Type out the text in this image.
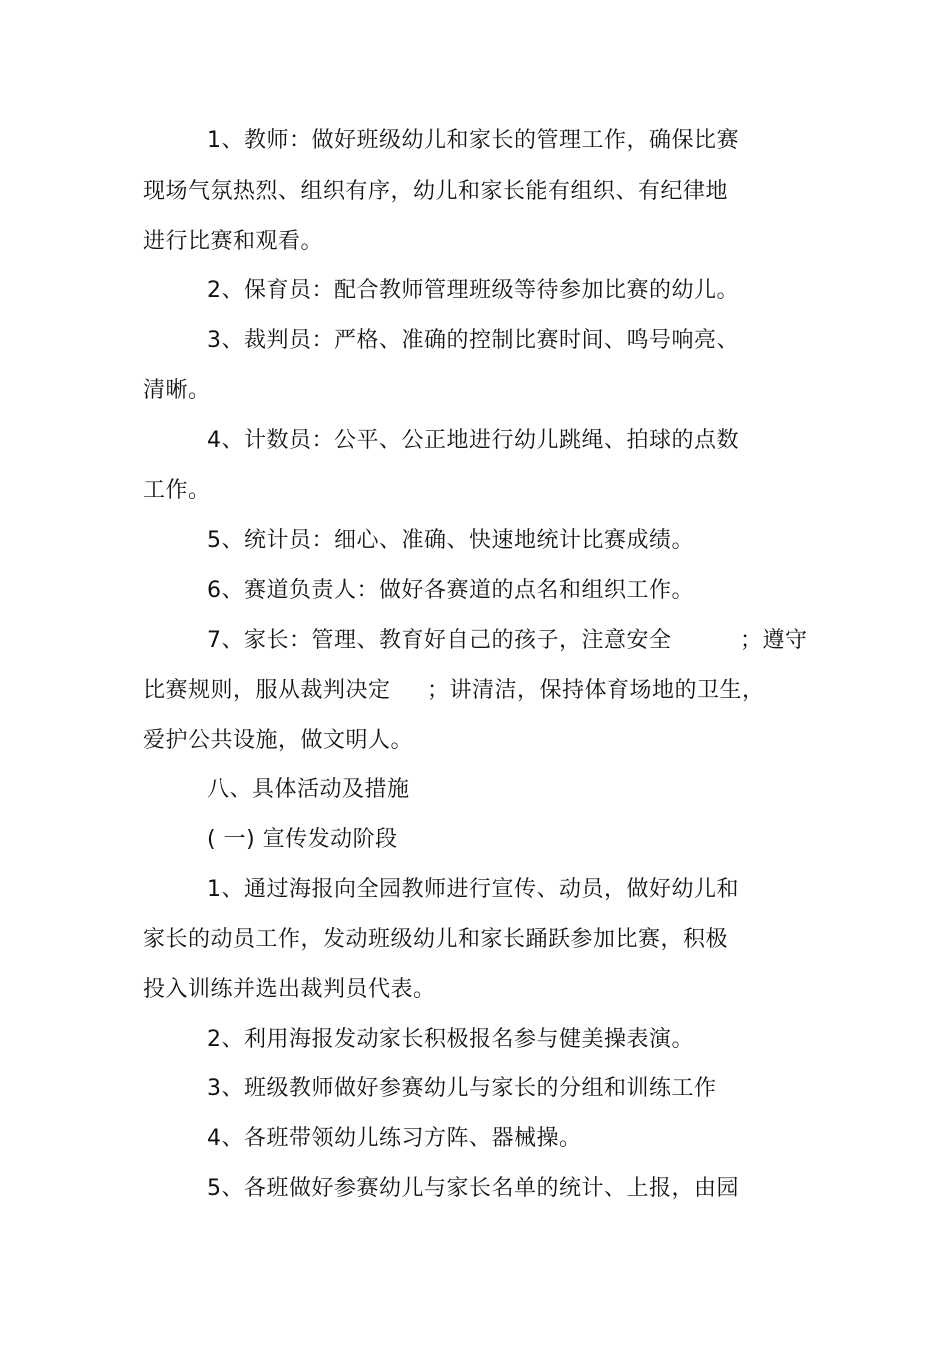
1、教师：做好班级幼儿和家长的管理工作，确保比赛
现场气氛热烈、组织有序，幼儿和家长能有组织、有纪律地
进行比赛和观看。
2、保育员：配合教师管理班级等待参加比赛的幼儿。
3、裁判员：严格、准确的控制比赛时间、鸣号响亮、
清晰。
4、计数员：公平、公正地进行幼儿跳绳、拍球的点数
工作。
5、统计员：细心、准确、快速地统计比赛成绩。
6、赛道负责人：做好各赛道的点名和组织工作。
7、家长：管理、教育好自己的孩子，注意安全	；遵守
比赛规则，服从裁判决定 ；讲清洁，保持体育场地的卫生，
爱护公共设施，做文明人。
八、具体活动及措施
( 一) 宣传发动阶段
1、通过海报向全园教师进行宣传、动员，做好幼儿和
家长的动员工作，发动班级幼儿和家长踊跃参加比赛，积极
投入训练并选出裁判员代表。
2、利用海报发动家长积极报名参与健美操表演。
3、班级教师做好参赛幼儿与家长的分组和训练工作
4、各班带领幼儿练习方阵、器械操。
5、各班做好参赛幼儿与家长名单的统计、上报，由园
